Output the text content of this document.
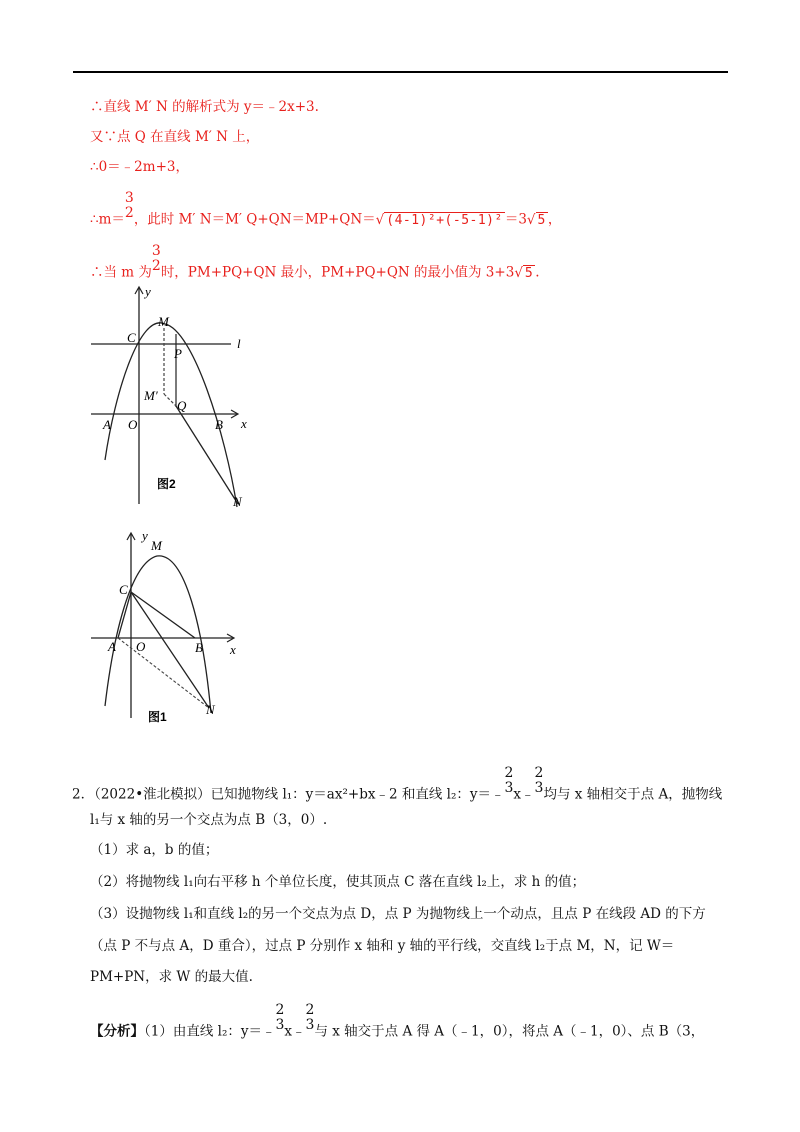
∴直线 M′ N 的解析式为 y＝﹣2x+3.
又∵点 Q 在直线 M′ N 上，
∴0＝﹣2m+3，
∴m＝
3
2 ，此时 M′ N＝M′ Q+QN＝MP+QN＝√ (4-1)²+(-5-1)² ＝3√ 5 ，
∴当 m 为
3
2 时，PM+PQ+QN 最小，PM+PQ+QN 的最小值为 3+3√ 5 .
y
x
M
C
P
l
M′
Q
A O	B
N
图2
y
x
M
C
A O	B
N
图1
2．（2022•淮北模拟）已知抛物线 l₁：y＝ax²+bx﹣2 和直线 l₂：y＝﹣
2
3 x﹣
2
3 均与 x 轴相交于点 A，抛物线
l₁与 x 轴的另一个交点为点 B（3，0）.
（1）求 a，b 的值；
（2）将抛物线 l₁向右平移 h 个单位长度，使其顶点 C 落在直线 l₂上，求 h 的值；
（3）设抛物线 l₁和直线 l₂的另一个交点为点 D，点 P 为抛物线上一个动点，且点 P 在线段 AD 的下方
（点 P 不与点 A，D 重合），过点 P 分别作 x 轴和 y 轴的平行线，交直线 l₂于点 M，N，记 W＝
PM+PN，求 W 的最大值.
【分析】（1）由直线 l₂：y＝﹣
2
3 x﹣
2
3 与 x 轴交于点 A 得 A（﹣1，0），将点 A（﹣1，0）、点 B（3，
